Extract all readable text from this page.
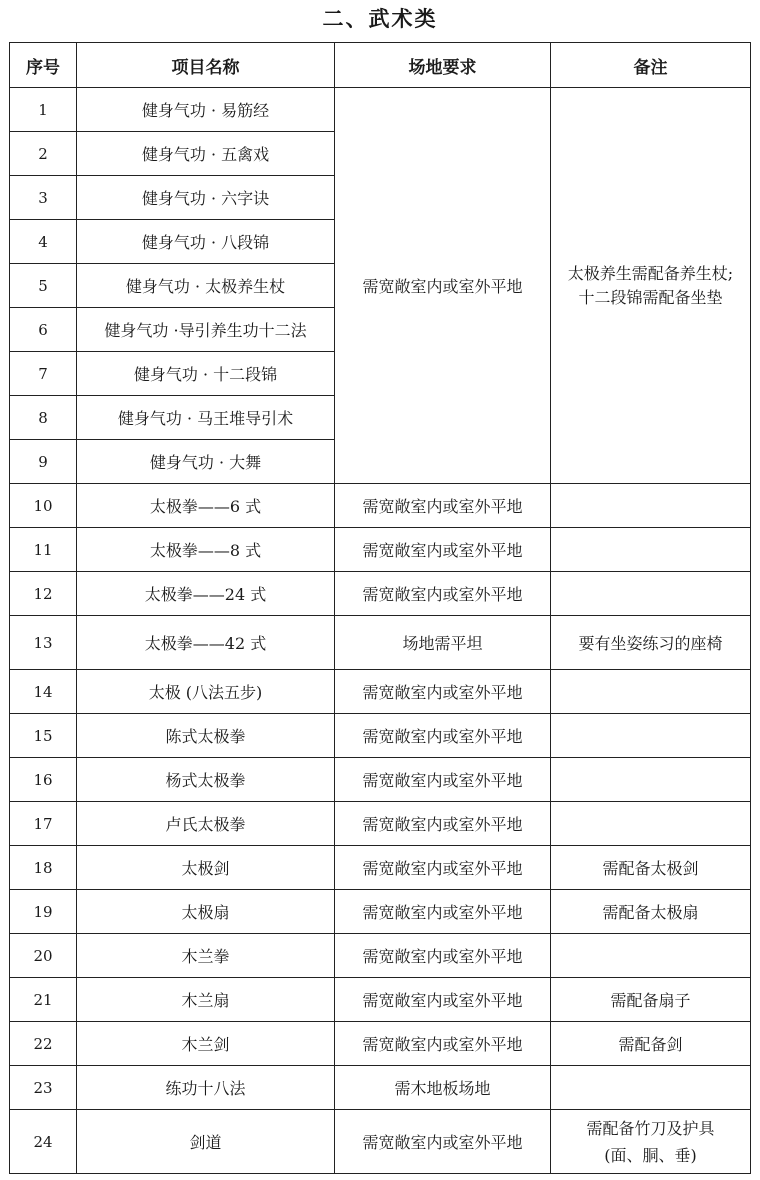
二、武术类
序号	项目名称	场地要求	备注
1	健身气功 · 易筋经	需宽敞室内或室外平地	太极养生需配备养生杖;
十二段锦需配备坐垫
2	健身气功 · 五禽戏		
3	健身气功 · 六字诀		
4	健身气功 · 八段锦		
5	健身气功 · 太极养生杖		
6	健身气功 ·导引养生功十二法		
7	健身气功 · 十二段锦		
8	健身气功 · 马王堆导引术		
9	健身气功 · 大舞		
10	太极拳——6 式	需宽敞室内或室外平地	
11	太极拳——8 式	需宽敞室内或室外平地	
12	太极拳——24 式	需宽敞室内或室外平地	
13	太极拳——42 式	场地需平坦	要有坐姿练习的座椅
14	太极 (八法五步)	需宽敞室内或室外平地	
15	陈式太极拳	需宽敞室内或室外平地	
16	杨式太极拳	需宽敞室内或室外平地	
17	卢氏太极拳	需宽敞室内或室外平地	
18	太极剑	需宽敞室内或室外平地	需配备太极剑
19	太极扇	需宽敞室内或室外平地	需配备太极扇
20	木兰拳	需宽敞室内或室外平地	
21	木兰扇	需宽敞室内或室外平地	需配备扇子
22	木兰剑	需宽敞室内或室外平地	需配备剑
23	练功十八法	需木地板场地	
24	剑道	需宽敞室内或室外平地	需配备竹刀及护具
(面、胴、垂)
